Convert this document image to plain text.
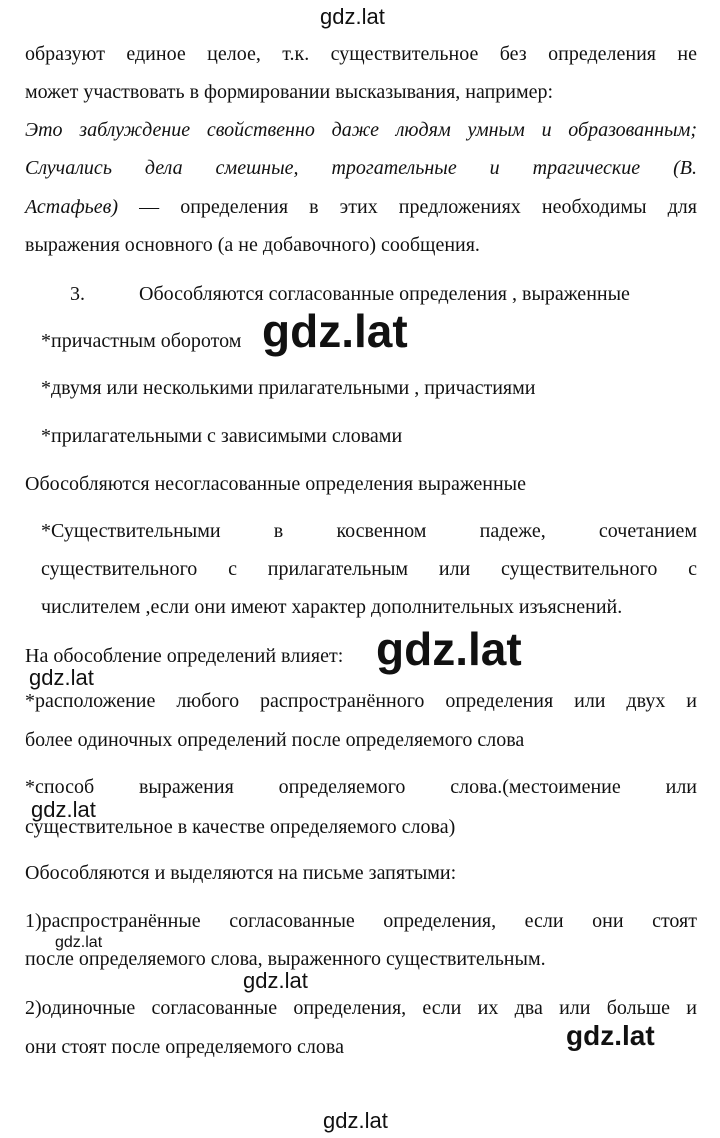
образуют единое целое, т.к. существительное без определения не
может участвовать в формировании высказывания, например:
Это заблуждение свойственно даже людям умным и образованным;
Случались дела смешные, трогательные и трагические (В.
Астафьев) — определения в этих предложениях необходимы для
выражения основного (а не добавочного) сообщения.
3.	Обособляются согласованные определения , выраженные
*причастным оборотом
*двумя или несколькими прилагательными , причастиями
*прилагательными с зависимыми словами
Обособляются несогласованные определения выраженные
*Существительными в косвенном падеже, сочетанием
существительного с прилагательным или существительного с
числителем ,если они имеют характер дополнительных изъяснений.
На обособление определений влияет:
*расположение любого распространённого определения или двух и
более одиночных определений после определяемого слова
*способ выражения определяемого слова.(местоимение или
существительное в качестве определяемого слова)
Обособляются и выделяются на письме запятыми:
1)распространённые согласованные определения, если они стоят
после определяемого слова, выраженного существительным.
2)одиночные согласованные определения, если их два или больше и
они стоят после определяемого слова
gdz.lat
gdz.lat
gdz.lat
gdz.lat
gdz.lat
gdz.lat
gdz.lat
gdz.lat
gdz.lat
